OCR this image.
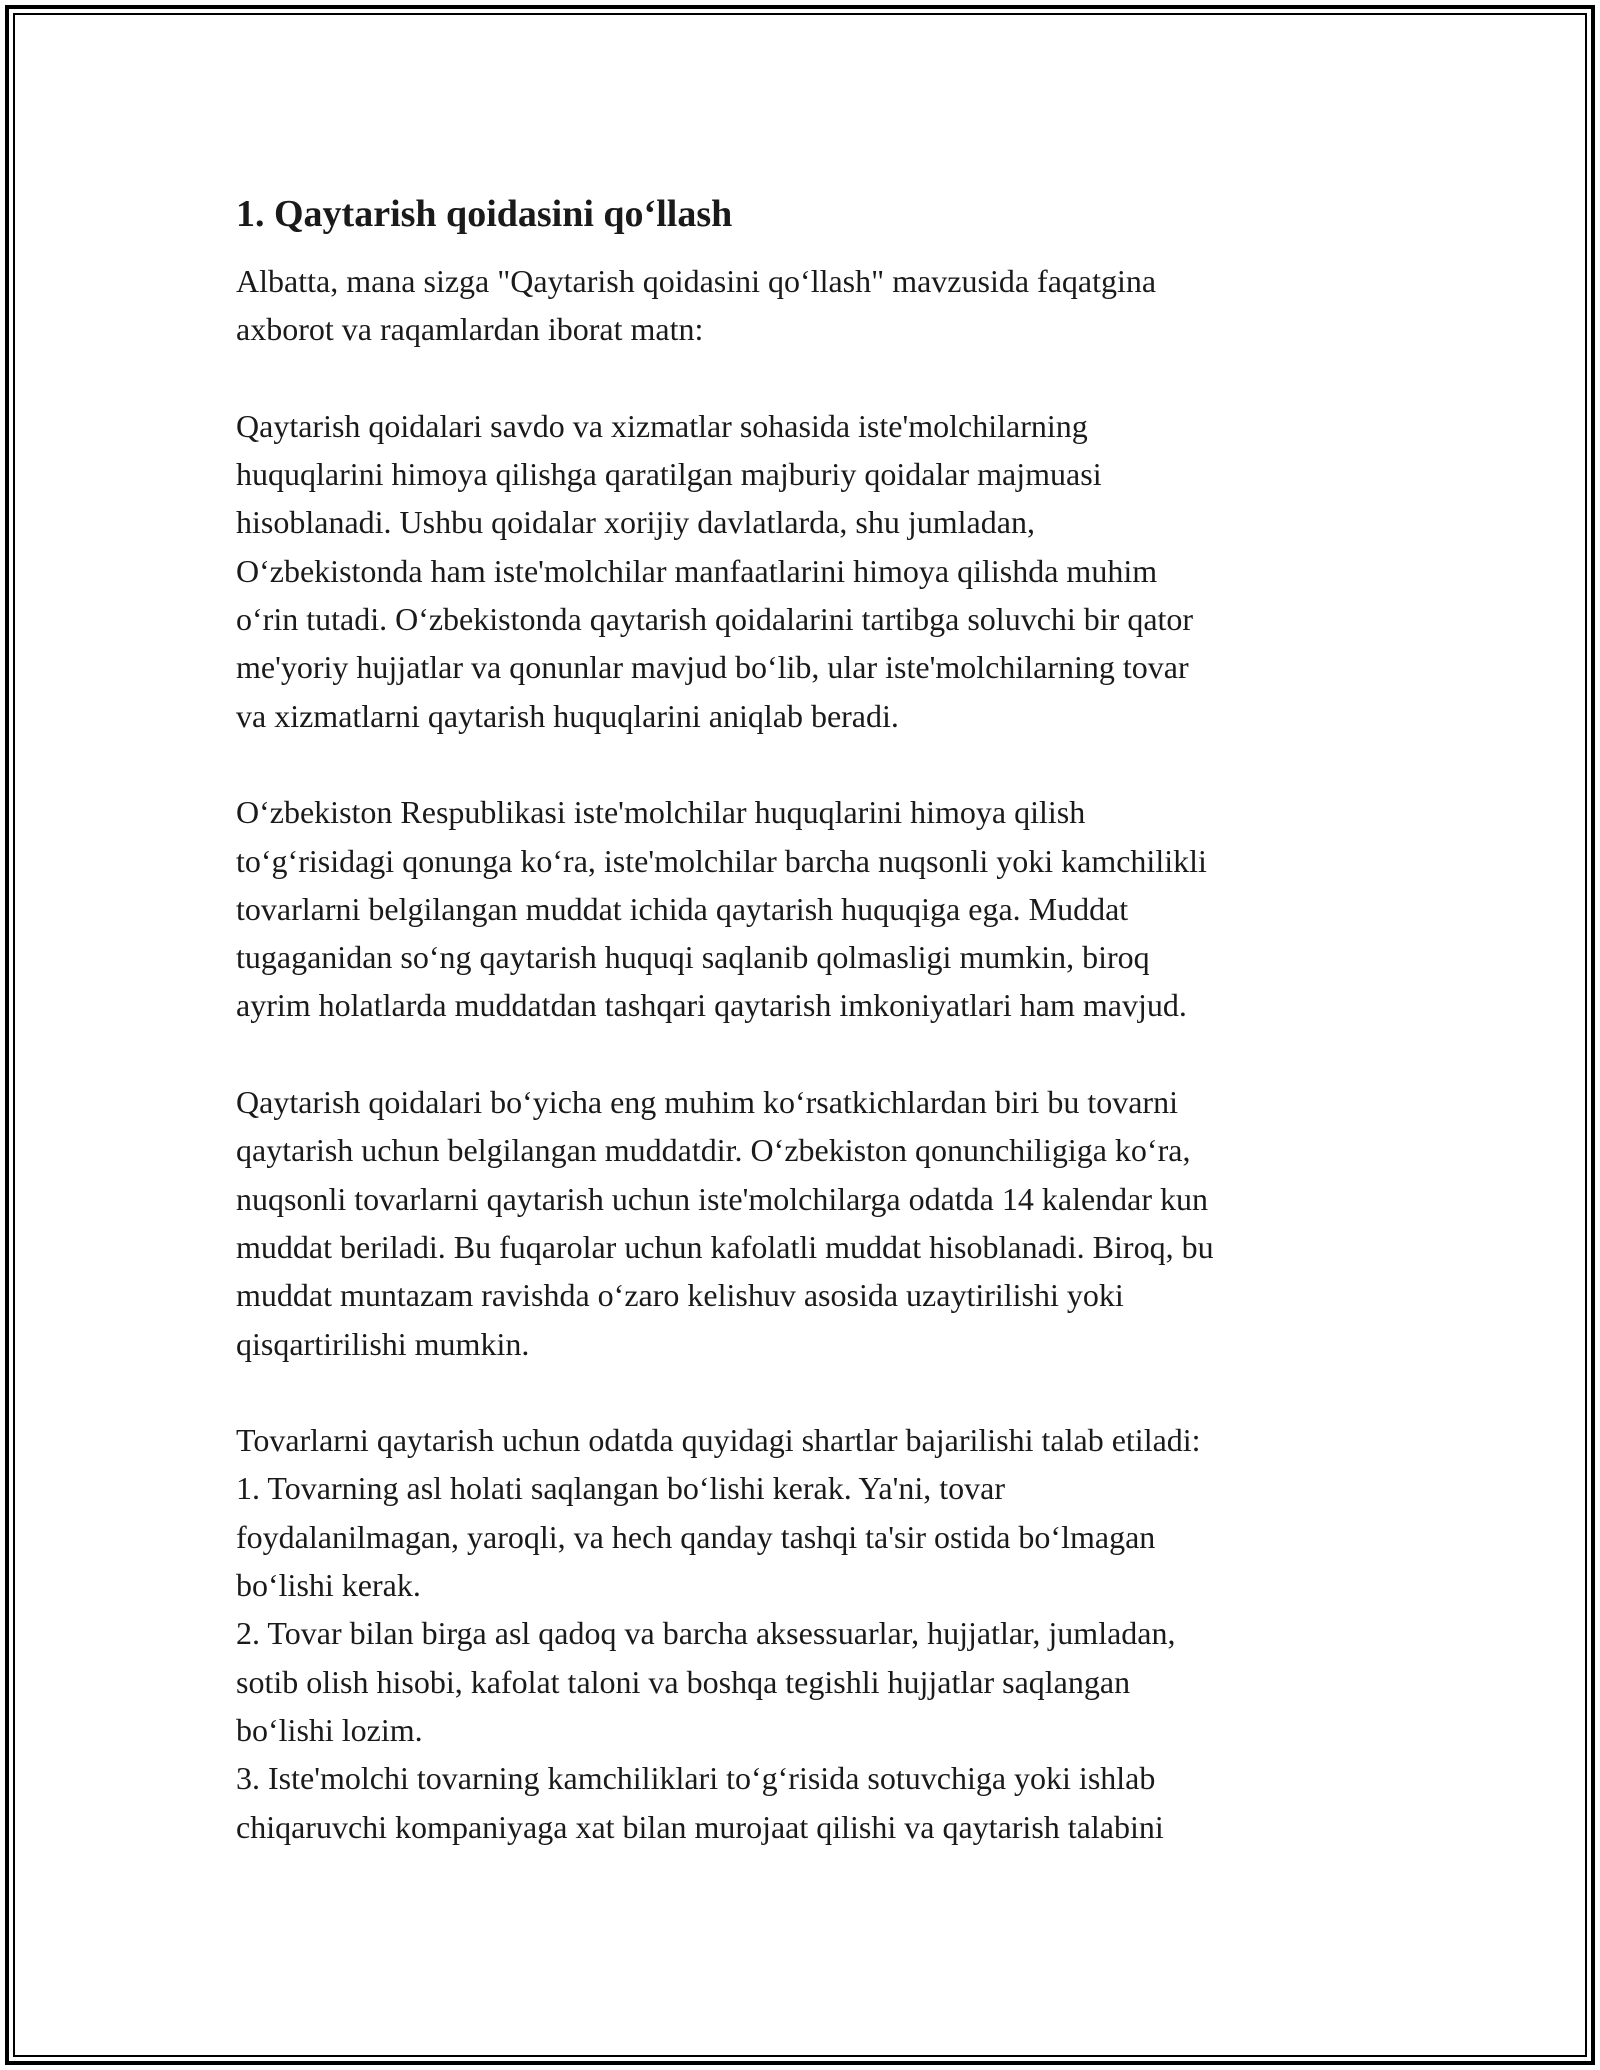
1. Qaytarish qoidasini qo‘llash

Albatta, mana sizga "Qaytarish qoidasini qo‘llash" mavzusida faqatgina
axborot va raqamlardan iborat matn:

Qaytarish qoidalari savdo va xizmatlar sohasida iste'molchilarning
huquqlarini himoya qilishga qaratilgan majburiy qoidalar majmuasi
hisoblanadi. Ushbu qoidalar xorijiy davlatlarda, shu jumladan,
O‘zbekistonda ham iste'molchilar manfaatlarini himoya qilishda muhim
o‘rin tutadi. O‘zbekistonda qaytarish qoidalarini tartibga soluvchi bir qator
me'yoriy hujjatlar va qonunlar mavjud bo‘lib, ular iste'molchilarning tovar
va xizmatlarni qaytarish huquqlarini aniqlab beradi.

O‘zbekiston Respublikasi iste'molchilar huquqlarini himoya qilish
to‘g‘risidagi qonunga ko‘ra, iste'molchilar barcha nuqsonli yoki kamchilikli
tovarlarni belgilangan muddat ichida qaytarish huquqiga ega. Muddat
tugaganidan so‘ng qaytarish huquqi saqlanib qolmasligi mumkin, biroq
ayrim holatlarda muddatdan tashqari qaytarish imkoniyatlari ham mavjud.

Qaytarish qoidalari bo‘yicha eng muhim ko‘rsatkichlardan biri bu tovarni
qaytarish uchun belgilangan muddatdir. O‘zbekiston qonunchiligiga ko‘ra,
nuqsonli tovarlarni qaytarish uchun iste'molchilarga odatda 14 kalendar kun
muddat beriladi. Bu fuqarolar uchun kafolatli muddat hisoblanadi. Biroq, bu
muddat muntazam ravishda o‘zaro kelishuv asosida uzaytirilishi yoki
qisqartirilishi mumkin.

Tovarlarni qaytarish uchun odatda quyidagi shartlar bajarilishi talab etiladi:
1. Tovarning asl holati saqlangan bo‘lishi kerak. Ya'ni, tovar
foydalanilmagan, yaroqli, va hech qanday tashqi ta'sir ostida bo‘lmagan
bo‘lishi kerak.
2. Tovar bilan birga asl qadoq va barcha aksessuarlar, hujjatlar, jumladan,
sotib olish hisobi, kafolat taloni va boshqa tegishli hujjatlar saqlangan
bo‘lishi lozim.
3. Iste'molchi tovarning kamchiliklari to‘g‘risida sotuvchiga yoki ishlab
chiqaruvchi kompaniyaga xat bilan murojaat qilishi va qaytarish talabini
